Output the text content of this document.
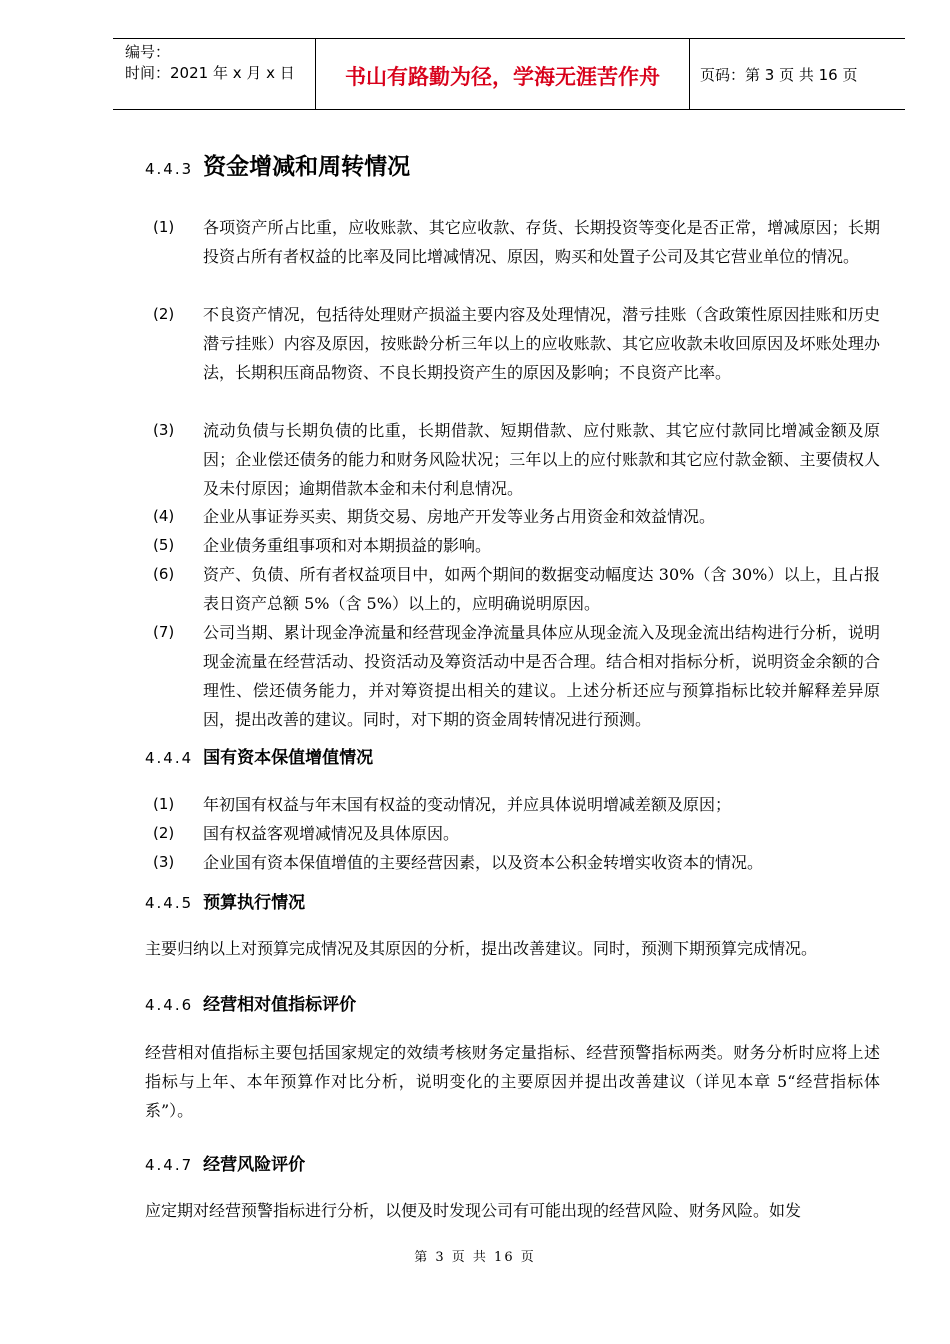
编号：
时间：2021 年 x 月 x 日	书山有路勤为径，学海无涯苦作舟	页码：第 3 页 共 16 页
4.4.3 资金增减和周转情况
(1)	各项资产所占比重，应收账款、其它应收款、存货、长期投资等变化是否正常，增减原因；长期投资占所有者权益的比率及同比增减情况、原因，购买和处置子公司及其它营业单位的情况。
(2)	不良资产情况，包括待处理财产损溢主要内容及处理情况，潜亏挂账（含政策性原因挂账和历史潜亏挂账）内容及原因，按账龄分析三年以上的应收账款、其它应收款未收回原因及坏账处理办法，长期积压商品物资、不良长期投资产生的原因及影响；不良资产比率。
(3)	流动负债与长期负债的比重，长期借款、短期借款、应付账款、其它应付款同比增减金额及原因；企业偿还债务的能力和财务风险状况；三年以上的应付账款和其它应付款金额、主要债权人及未付原因；逾期借款本金和未付利息情况。
(4)	企业从事证券买卖、期货交易、房地产开发等业务占用资金和效益情况。
(5)	企业债务重组事项和对本期损益的影响。
(6)	资产、负债、所有者权益项目中，如两个期间的数据变动幅度达 30%（含 30%）以上，且占报表日资产总额 5%（含 5%）以上的，应明确说明原因。
(7)	公司当期、累计现金净流量和经营现金净流量具体应从现金流入及现金流出结构进行分析，说明现金流量在经营活动、投资活动及筹资活动中是否合理。结合相对指标分析，说明资金余额的合理性、偿还债务能力，并对筹资提出相关的建议。上述分析还应与预算指标比较并解释差异原因，提出改善的建议。同时，对下期的资金周转情况进行预测。
4.4.4 国有资本保值增值情况
(1)	年初国有权益与年末国有权益的变动情况，并应具体说明增减差额及原因；
(2)	国有权益客观增减情况及具体原因。
(3)	企业国有资本保值增值的主要经营因素，以及资本公积金转增实收资本的情况。
4.4.5 预算执行情况
主要归纳以上对预算完成情况及其原因的分析，提出改善建议。同时，预测下期预算完成情况。
4.4.6 经营相对值指标评价
经营相对值指标主要包括国家规定的效绩考核财务定量指标、经营预警指标两类。财务分析时应将上述指标与上年、本年预算作对比分析，说明变化的主要原因并提出改善建议（详见本章 5“经营指标体系”）。
4.4.7 经营风险评价
应定期对经营预警指标进行分析，以便及时发现公司有可能出现的经营风险、财务风险。如发
第 3 页 共 16 页
